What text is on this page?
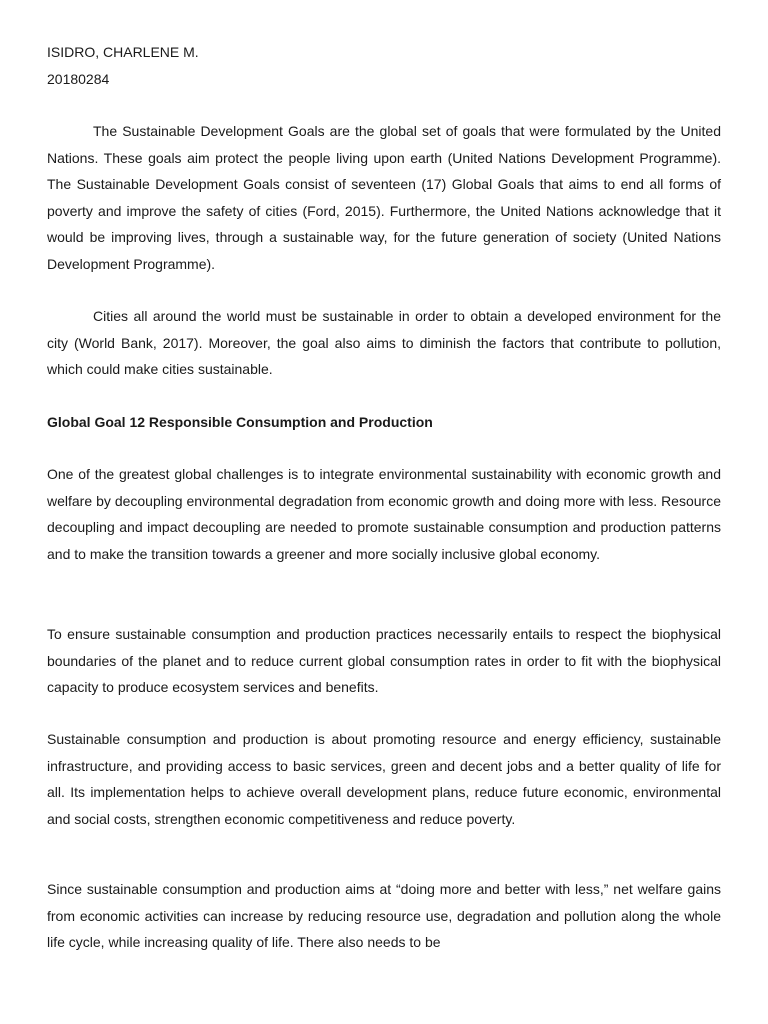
ISIDRO, CHARLENE M.
20180284

The Sustainable Development Goals are the global set of goals that were formulated by the United Nations. These goals aim protect the people living upon earth (United Nations Development Programme). The Sustainable Development Goals consist of seventeen (17) Global Goals that aims to end all forms of poverty and improve the safety of cities (Ford, 2015). Furthermore, the United Nations acknowledge that it would be improving lives, through a sustainable way, for the future generation of society (United Nations Development Programme).

Cities all around the world must be sustainable in order to obtain a developed environment for the city (World Bank, 2017). Moreover, the goal also aims to diminish the factors that contribute to pollution, which could make cities sustainable.

Global Goal 12 Responsible Consumption and Production

One of the greatest global challenges is to integrate environmental sustainability with economic growth and welfare by decoupling environmental degradation from economic growth and doing more with less. Resource decoupling and impact decoupling are needed to promote sustainable consumption and production patterns and to make the transition towards a greener and more socially inclusive global economy.

To ensure sustainable consumption and production practices necessarily entails to respect the biophysical boundaries of the planet and to reduce current global consumption rates in order to fit with the biophysical capacity to produce ecosystem services and benefits.

Sustainable consumption and production is about promoting resource and energy efficiency, sustainable infrastructure, and providing access to basic services, green and decent jobs and a better quality of life for all. Its implementation helps to achieve overall development plans, reduce future economic, environmental and social costs, strengthen economic competitiveness and reduce poverty.

Since sustainable consumption and production aims at “doing more and better with less,” net welfare gains from economic activities can increase by reducing resource use, degradation and pollution along the whole life cycle, while increasing quality of life. There also needs to be
